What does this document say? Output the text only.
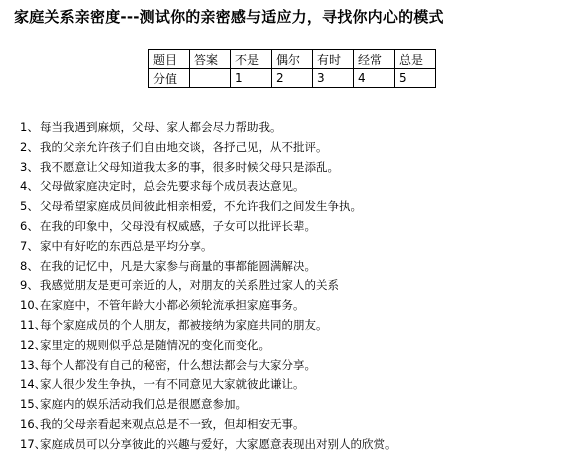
家庭关系亲密度---测试你的亲密感与适应力，寻找你内心的模式
题目	答案	不是	偶尔	有时	经常	总是
分值		1	2	3	4	5
1、每当我遇到麻烦，父母、家人都会尽力帮助我。
2、我的父亲允许孩子们自由地交谈，各抒己见，从不批评。
3、我不愿意让父母知道我太多的事，很多时候父母只是添乱。
4、父母做家庭决定时，总会先要求每个成员表达意见。
5、父母希望家庭成员间彼此相亲相爱，不允许我们之间发生争执。
6、在我的印象中，父母没有权威感，子女可以批评长辈。
7、家中有好吃的东西总是平均分享。
8、在我的记忆中，凡是大家参与商量的事都能圆满解决。
9、我感觉朋友是更可亲近的人，对朋友的关系胜过家人的关系
10、在家庭中，不管年龄大小都必须轮流承担家庭事务。
11、每个家庭成员的个人朋友，都被接纳为家庭共同的朋友。
12、家里定的规则似乎总是随情况的变化而变化。
13、每个人都没有自己的秘密，什么想法都会与大家分享。
14、家人很少发生争执，一有不同意见大家就彼此谦让。
15、家庭内的娱乐活动我们总是很愿意参加。
16、我的父母亲看起来观点总是不一致，但却相安无事。
17、家庭成员可以分享彼此的兴趣与爱好，大家愿意表现出对别人的欣赏。
